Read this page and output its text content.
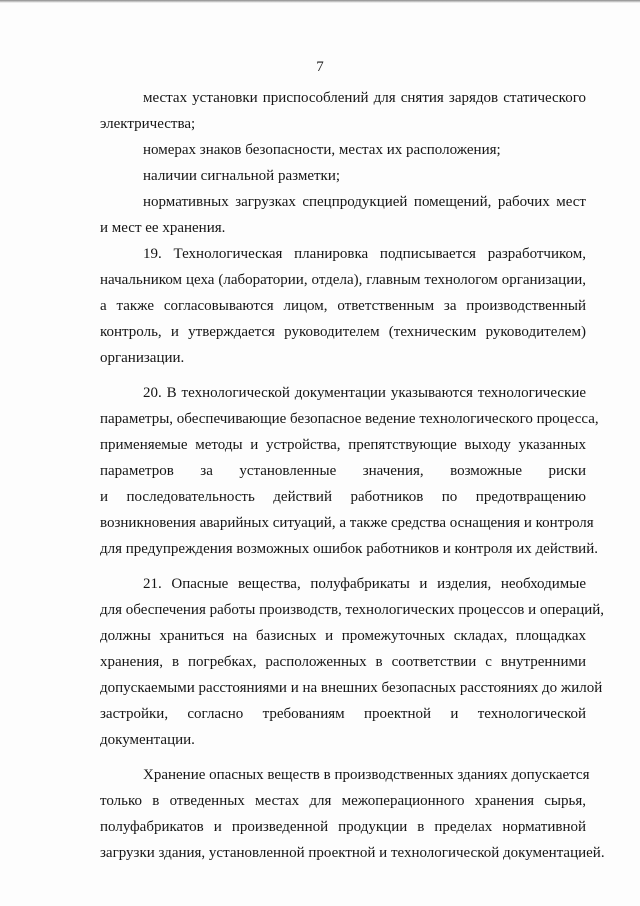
7
местах установки приспособлений для снятия зарядов статического
электричества;
номерах знаков безопасности, местах их расположения;
наличии сигнальной разметки;
нормативных загрузках спецпродукцией помещений, рабочих мест
и мест ее хранения.
19. Технологическая планировка подписывается разработчиком,
начальником цеха (лаборатории, отдела), главным технологом организации,
а также согласовываются лицом, ответственным за производственный
контроль, и утверждается руководителем (техническим руководителем)
организации.
20. В технологической документации указываются технологические
параметры, обеспечивающие безопасное ведение технологического процесса,
применяемые методы и устройства, препятствующие выходу указанных
параметров за установленные значения, возможные риски
и последовательность действий работников по предотвращению
возникновения аварийных ситуаций, а также средства оснащения и контроля
для предупреждения возможных ошибок работников и контроля их действий.
21. Опасные вещества, полуфабрикаты и изделия, необходимые
для обеспечения работы производств, технологических процессов и операций,
должны храниться на базисных и промежуточных складах, площадках
хранения, в погребках, расположенных в соответствии с внутренними
допускаемыми расстояниями и на внешних безопасных расстояниях до жилой
застройки, согласно требованиям проектной и технологической
документации.
Хранение опасных веществ в производственных зданиях допускается
только в отведенных местах для межоперационного хранения сырья,
полуфабрикатов и произведенной продукции в пределах нормативной
загрузки здания, установленной проектной и технологической документацией.
